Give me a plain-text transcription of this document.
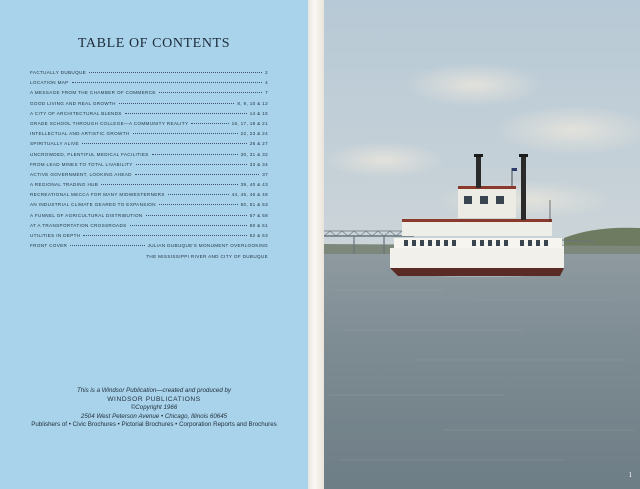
TABLE OF CONTENTS
FACTUALLY DUBUQUE	2
LOCATION MAP	4
A MESSAGE FROM THE CHAMBER OF COMMERCE	7
GOOD LIVING AND REAL GROWTH	8, 9, 10 & 12
A CITY OF ARCHITECTURAL BLENDS	14 & 15
GRADE SCHOOL THROUGH COLLEGE—A COMMUNITY REALITY	16, 17, 18 & 21
INTELLECTUAL AND ARTISTIC GROWTH	22, 23 & 24
SPIRITUALLY ALIVE	26 & 27
UNCROWDED, PLENTIFUL MEDICAL FACILITIES	30, 31 & 32
FROM LEAD MINES TO TOTAL LIVABILITY	33 & 34
ACTIVE GOVERNMENT, LOOKING AHEAD	37
A REGIONAL TRADING HUB	39, 40 & 43
RECREATIONAL MECCA FOR MANY MIDWESTERNERS	44, 45, 46 & 48
AN INDUSTRIAL CLIMATE GEARED TO EXPANSION	50, 51 & 53
A FUNNEL OF AGRICULTURAL DISTRIBUTION	57 & 58
AT A TRANSPORTATION CROSSROADS	60 & 61
UTILITIES IN DEPTH	62 & 63
FRONT COVER	JULIAN DUBUQUE'S MONUMENT OVERLOOKING
THE MISSISSIPPI RIVER AND CITY OF DUBUQUE
This is a Windsor Publication—created and produced by
WINDSOR PUBLICATIONS
©Copyright 1966
2504 West Peterson Avenue • Chicago, Illinois 60645
Publishers of • Civic Brochures • Pictorial Brochures • Corporation Reports and Brochures
1
